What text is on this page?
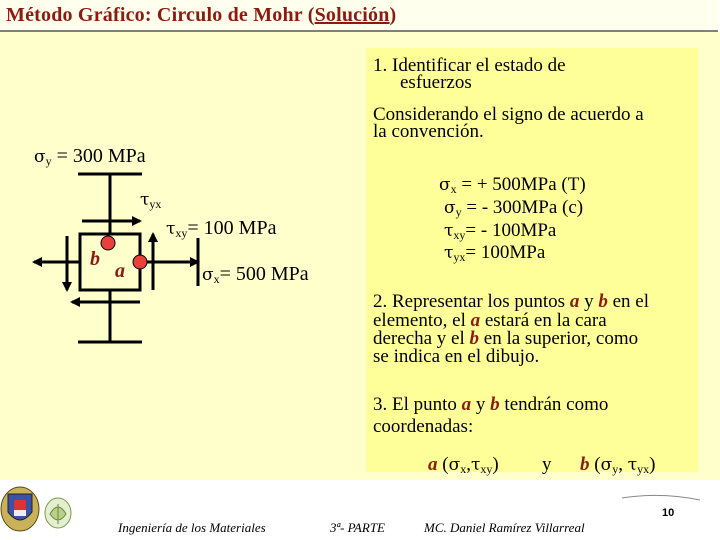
Método Gráfico: Circulo de Mohr (Solución)
$\sigma_y = 300$ MPa
$\tau_{yx}$
$\tau_{xy}= 100$ MPa
$\sigma_x= 500$ MPa
b
a
1. Identificar el estado de
esfuerzos
Considerando el signo de acuerdo a
la convención.
$\sigma_x$ = + 500MPa (T)
$\sigma_y$ = - 300MPa (c)
$\tau_{xy}= - 100MPa$
$\tau_{yx}= 100MPa$
2. Representar los puntos a y b en el
elemento, el a estará en la cara
derecha y el b en la superior, como
se indica en el dibujo.
3. El punto a y b tendrán como
coordenadas:
a $(\sigma_x,\tau_{xy})$ y b ($\sigma_y$, $\tau_{yx}$)
Ingeniería de los Materiales	3ª- PARTE	MC. Daniel Ramírez Villarreal
10
